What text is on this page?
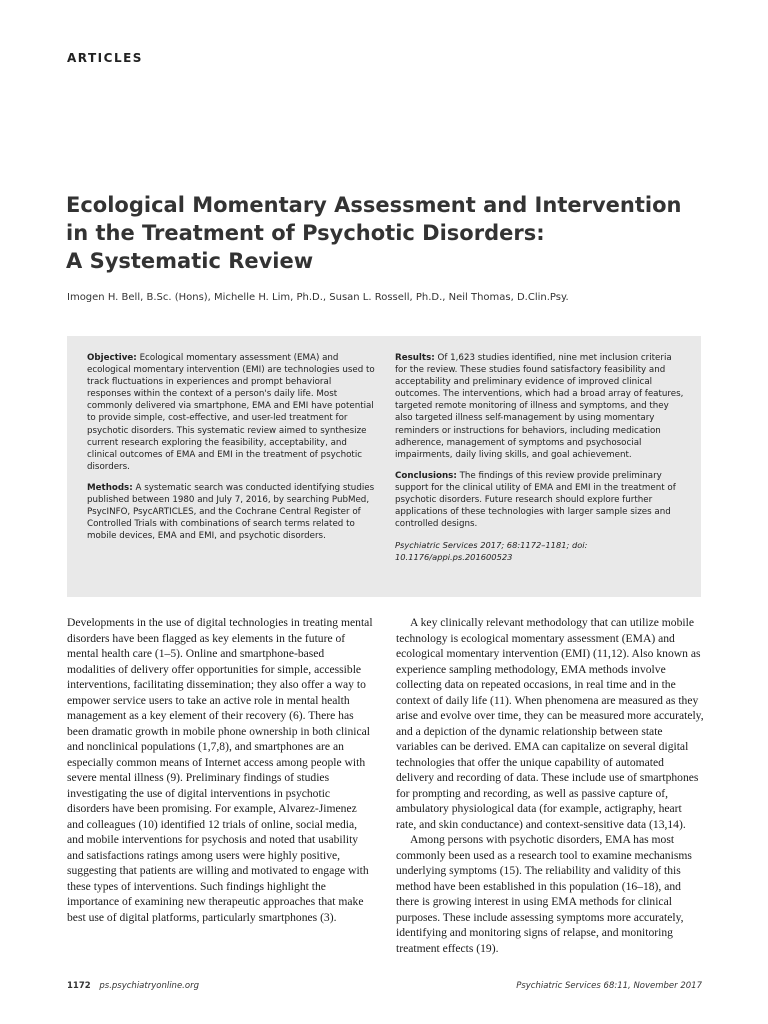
ARTICLES
Ecological Momentary Assessment and Intervention
in the Treatment of Psychotic Disorders:
A Systematic Review
Imogen H. Bell, B.Sc. (Hons), Michelle H. Lim, Ph.D., Susan L. Rossell, Ph.D., Neil Thomas, D.Clin.Psy.

Objective: Ecological momentary assessment (EMA) and ecological momentary intervention (EMI) are technologies used to track fluctuations in experiences and prompt behavioral responses within the context of a person's daily life. Most commonly delivered via smartphone, EMA and EMI have potential to provide simple, cost-effective, and user-led treatment for psychotic disorders. This systematic review aimed to synthesize current research exploring the feasibility, acceptability, and clinical outcomes of EMA and EMI in the treatment of psychotic disorders.

Methods: A systematic search was conducted identifying studies published between 1980 and July 7, 2016, by searching PubMed, PsycINFO, PsycARTICLES, and the Cochrane Central Register of Controlled Trials with combinations of search terms related to mobile devices, EMA and EMI, and psychotic disorders.

Results: Of 1,623 studies identified, nine met inclusion criteria for the review. These studies found satisfactory feasibility and acceptability and preliminary evidence of improved clinical outcomes. The interventions, which had a broad array of features, targeted remote monitoring of illness and symptoms, and they also targeted illness self-management by using momentary reminders or instructions for behaviors, including medication adherence, management of symptoms and psychosocial impairments, daily living skills, and goal achievement.

Conclusions: The findings of this review provide preliminary support for the clinical utility of EMA and EMI in the treatment of psychotic disorders. Future research should explore further applications of these technologies with larger sample sizes and controlled designs.

Psychiatric Services 2017; 68:1172–1181; doi: 10.1176/appi.ps.201600523

Developments in the use of digital technologies in treating mental disorders have been flagged as key elements in the future of mental health care (1–5). Online and smartphone-based modalities of delivery offer opportunities for simple, accessible interventions, facilitating dissemination; they also offer a way to empower service users to take an active role in mental health management as a key element of their recovery (6). There has been dramatic growth in mobile phone ownership in both clinical and nonclinical populations (1,7,8), and smartphones are an especially common means of Internet access among people with severe mental illness (9). Preliminary findings of studies investigating the use of digital interventions in psychotic disorders have been promising. For example, Alvarez-Jimenez and colleagues (10) identified 12 trials of online, social media, and mobile interventions for psychosis and noted that usability and satisfactions ratings among users were highly positive, suggesting that patients are willing and motivated to engage with these types of interventions. Such findings highlight the importance of examining new therapeutic approaches that make best use of digital platforms, particularly smartphones (3).

A key clinically relevant methodology that can utilize mobile technology is ecological momentary assessment (EMA) and ecological momentary intervention (EMI) (11,12). Also known as experience sampling methodology, EMA methods involve collecting data on repeated occasions, in real time and in the context of daily life (11). When phenomena are measured as they arise and evolve over time, they can be measured more accurately, and a depiction of the dynamic relationship between state variables can be derived. EMA can capitalize on several digital technologies that offer the unique capability of automated delivery and recording of data. These include use of smartphones for prompting and recording, as well as passive capture of, ambulatory physiological data (for example, actigraphy, heart rate, and skin conductance) and context-sensitive data (13,14).

Among persons with psychotic disorders, EMA has most commonly been used as a research tool to examine mechanisms underlying symptoms (15). The reliability and validity of this method have been established in this population (16–18), and there is growing interest in using EMA methods for clinical purposes. These include assessing symptoms more accurately, identifying and monitoring signs of relapse, and monitoring treatment effects (19).

1172 ps.psychiatryonline.org	Psychiatric Services 68:11, November 2017
